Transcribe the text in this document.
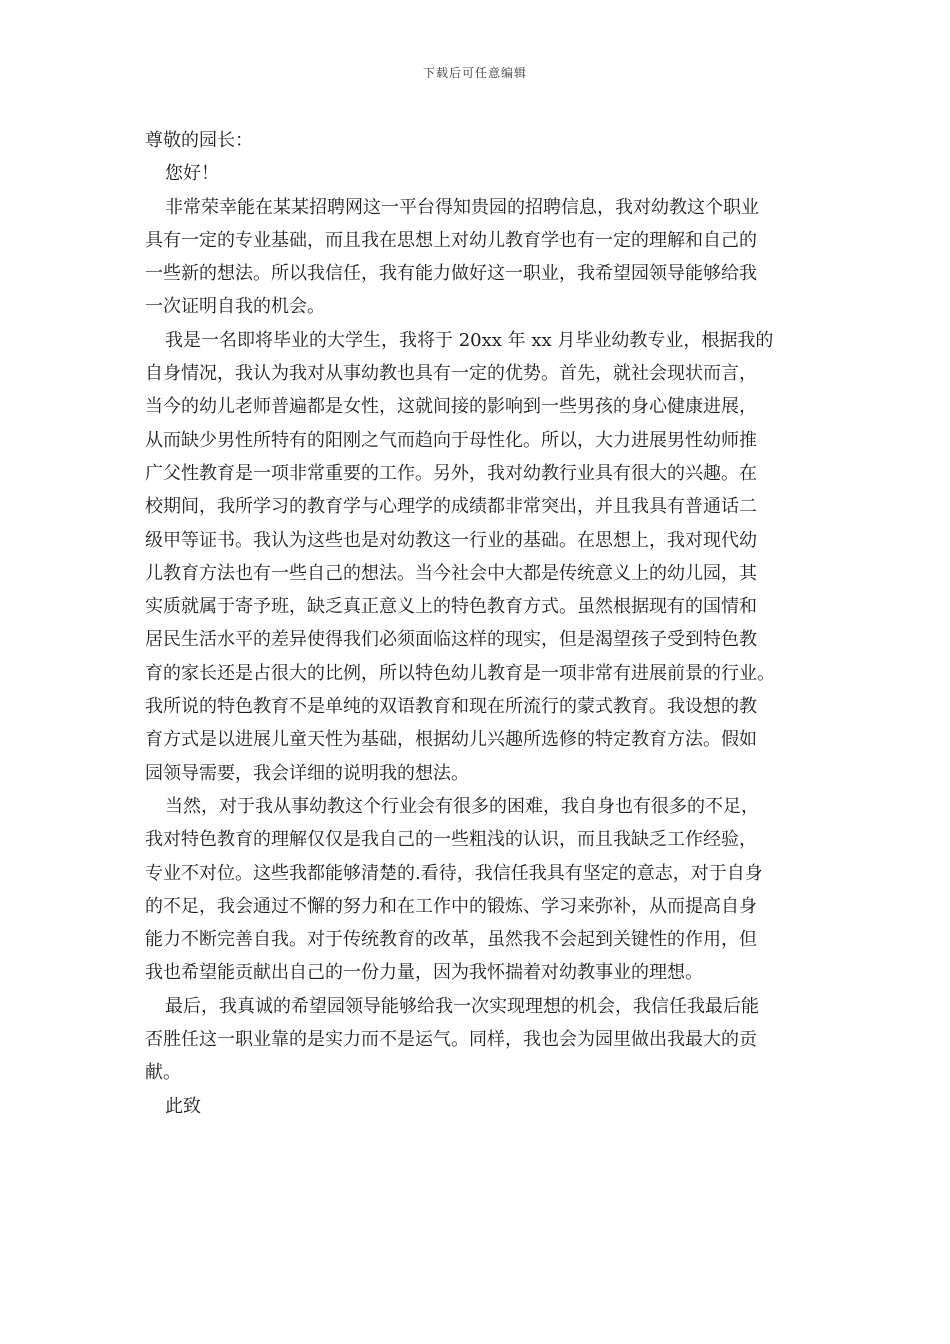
下载后可任意编辑

尊敬的园长：

您好！

非常荣幸能在某某招聘网这一平台得知贵园的招聘信息，我对幼教这个职业
具有一定的专业基础，而且我在思想上对幼儿教育学也有一定的理解和自己的
一些新的想法。所以我信任，我有能力做好这一职业，我希望园领导能够给我
一次证明自我的机会。
我是一名即将毕业的大学生，我将于 20xx 年 xx 月毕业幼教专业，根据我的
自身情况，我认为我对从事幼教也具有一定的优势。首先，就社会现状而言，
当今的幼儿老师普遍都是女性，这就间接的影响到一些男孩的身心健康进展，
从而缺少男性所特有的阳刚之气而趋向于母性化。所以，大力进展男性幼师推
广父性教育是一项非常重要的工作。另外，我对幼教行业具有很大的兴趣。在
校期间，我所学习的教育学与心理学的成绩都非常突出，并且我具有普通话二
级甲等证书。我认为这些也是对幼教这一行业的基础。在思想上，我对现代幼
儿教育方法也有一些自己的想法。当今社会中大都是传统意义上的幼儿园，其
实质就属于寄予班，缺乏真正意义上的特色教育方式。虽然根据现有的国情和
居民生活水平的差异使得我们必须面临这样的现实，但是渴望孩子受到特色教
育的家长还是占很大的比例，所以特色幼儿教育是一项非常有进展前景的行业。
我所说的特色教育不是单纯的双语教育和现在所流行的蒙式教育。我设想的教
育方式是以进展儿童天性为基础，根据幼儿兴趣所选修的特定教育方法。假如
园领导需要，我会详细的说明我的想法。
当然，对于我从事幼教这个行业会有很多的困难，我自身也有很多的不足，
我对特色教育的理解仅仅是我自己的一些粗浅的认识，而且我缺乏工作经验，
专业不对位。这些我都能够清楚的.看待，我信任我具有坚定的意志，对于自身
的不足，我会通过不懈的努力和在工作中的锻炼、学习来弥补，从而提高自身
能力不断完善自我。对于传统教育的改革，虽然我不会起到关键性的作用，但
我也希望能贡献出自己的一份力量，因为我怀揣着对幼教事业的理想。
最后，我真诚的希望园领导能够给我一次实现理想的机会，我信任我最后能
否胜任这一职业靠的是实力而不是运气。同样，我也会为园里做出我最大的贡
献。

此致
